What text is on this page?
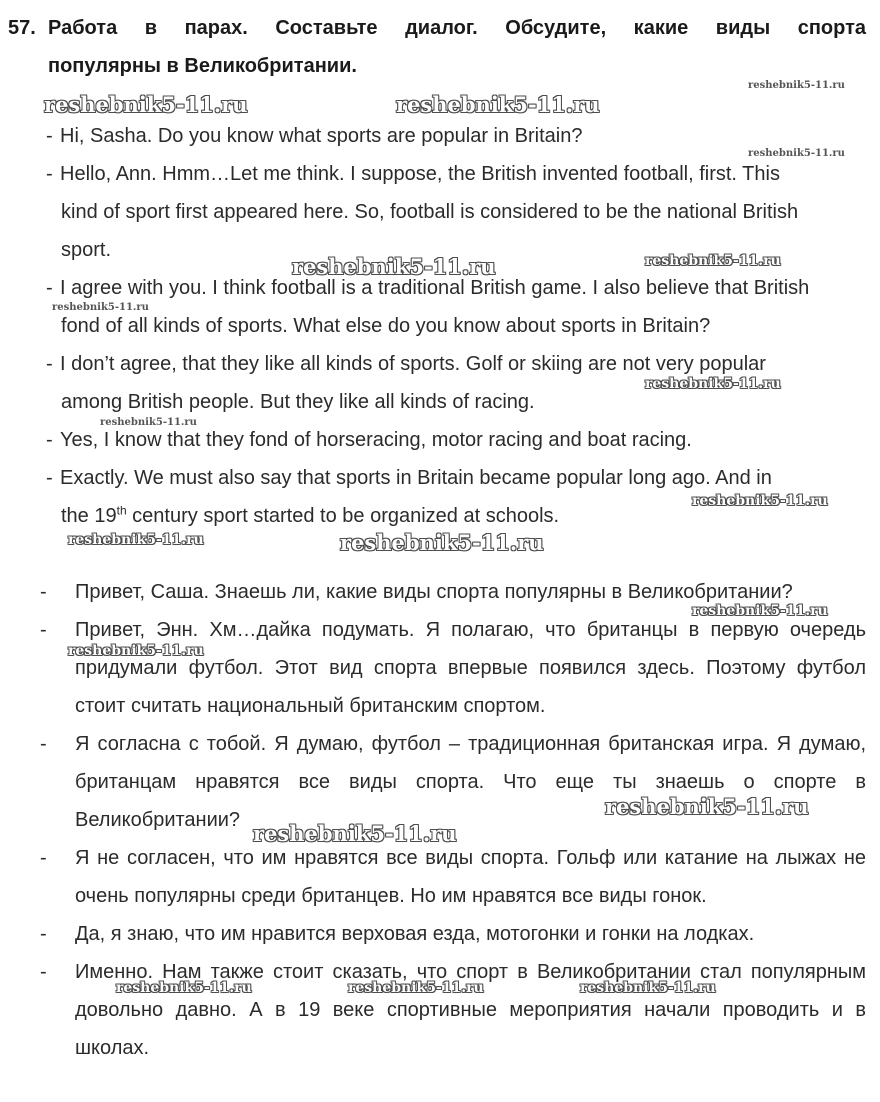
57. Работа в парах. Составьте диалог. Обсудите, какие виды спорта
популярны в Великобритании.

- Hi, Sasha. Do you know what sports are popular in Britain?

- Hello, Ann. Hmm…Let me think. I suppose, the British invented football, first. This

kind of sport first appeared here. So, football is considered to be the national British

sport.

- I agree with you. I think football is a traditional British game. I also believe that British

fond of all kinds of sports. What else do you know about sports in Britain?

- I don’t agree, that they like all kinds of sports. Golf or skiing are not very popular

among British people. But they like all kinds of racing.

- Yes, I know that they fond of horseracing, motor racing and boat racing.

- Exactly. We must also say that sports in Britain became popular long ago. And in

the 19th century sport started to be organized at schools.

- Привет, Саша. Знаешь ли, какие виды спорта популярны в Великобритании?
- Привет, Энн. Хм…дайка подумать. Я полагаю, что британцы в первую очередь придумали футбол. Этот вид спорта впервые появился здесь. Поэтому футбол стоит считать национальный британским спортом.
- Я согласна с тобой. Я думаю, футбол – традиционная британская игра. Я думаю, британцам нравятся все виды спорта. Что еще ты знаешь о спорте в Великобритании?
- Я не согласен, что им нравятся все виды спорта. Гольф или катание на лыжах не очень популярны среди британцев. Но им нравятся все виды гонок.
- Да, я знаю, что им нравится верховая езда, мотогонки и гонки на лодках.
- Именно. Нам также стоит сказать, что спорт в Великобритании стал популярным довольно давно. А в 19 веке спортивные мероприятия начали проводить и в школах.
reshebnik5-11.ru	reshebnik5-11.ru
reshebnik5-11.ru
reshebnik5-11.ru
reshebnik5-11.ru	reshebnik5-11.ru
reshebnik5-11.ru
reshebnik5-11.ru
reshebnik5-11.ru
reshebnik5-11.ru
reshebnik5-11.ru	reshebnik5-11.ru
reshebnik5-11.ru
reshebnik5-11.ru
reshebnik5-11.ru
reshebnik5-11.ru
reshebnik5-11.ru	reshebnik5-11.ru	reshebnik5-11.ru
